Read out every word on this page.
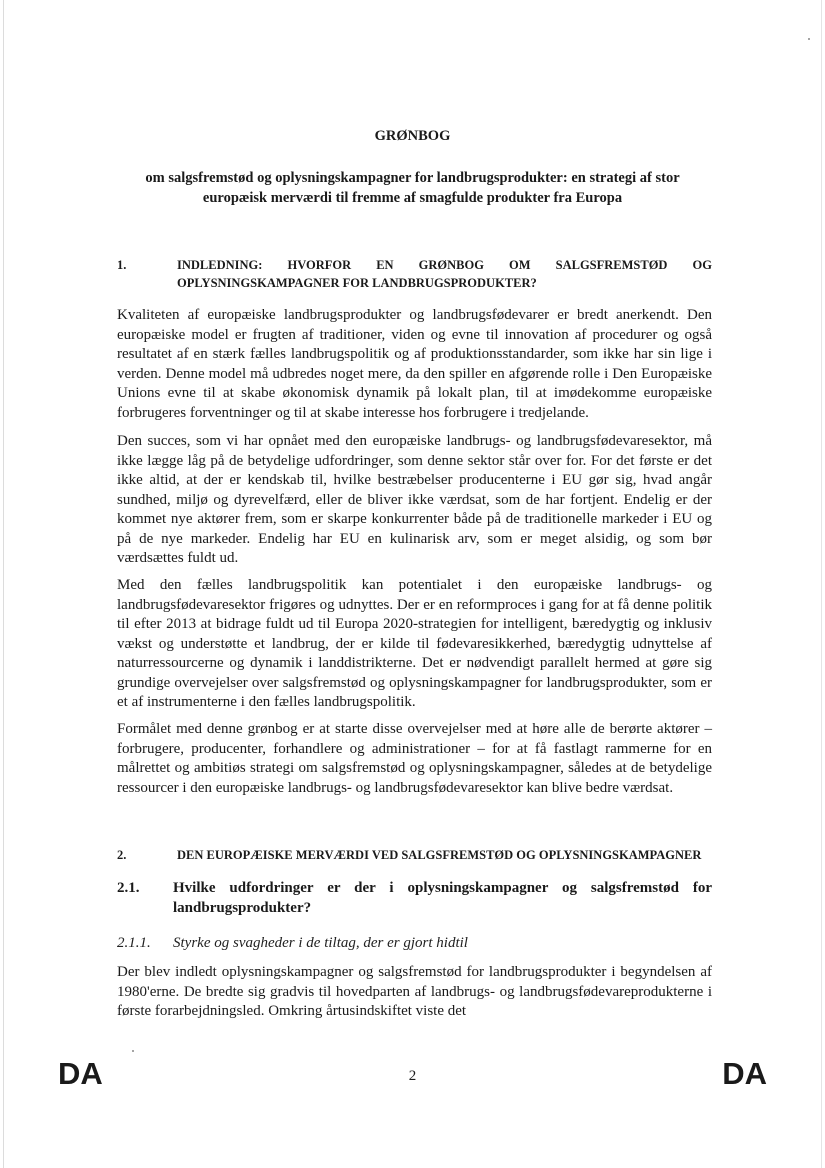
GRØNBOG
om salgsfremstød og oplysningskampagner for landbrugsprodukter: en strategi af stor europæisk merværdi til fremme af smagfulde produkter fra Europa
1.	INDLEDNING: HVORFOR EN GRØNBOG OM SALGSFREMSTØD OG OPLYSNINGSKAMPAGNER FOR LANDBRUGSPRODUKTER?
Kvaliteten af europæiske landbrugsprodukter og landbrugsfødevarer er bredt anerkendt. Den europæiske model er frugten af traditioner, viden og evne til innovation af procedurer og også resultatet af en stærk fælles landbrugspolitik og af produktionsstandarder, som ikke har sin lige i verden. Denne model må udbredes noget mere, da den spiller en afgørende rolle i Den Europæiske Unions evne til at skabe økonomisk dynamik på lokalt plan, til at imødekomme europæiske forbrugeres forventninger og til at skabe interesse hos forbrugere i tredjelande.
Den succes, som vi har opnået med den europæiske landbrugs- og landbrugsfødevaresektor, må ikke lægge låg på de betydelige udfordringer, som denne sektor står over for. For det første er det ikke altid, at der er kendskab til, hvilke bestræbelser producenterne i EU gør sig, hvad angår sundhed, miljø og dyrevelfærd, eller de bliver ikke værdsat, som de har fortjent. Endelig er der kommet nye aktører frem, som er skarpe konkurrenter både på de traditionelle markeder i EU og på de nye markeder. Endelig har EU en kulinarisk arv, som er meget alsidig, og som bør værdsættes fuldt ud.
Med den fælles landbrugspolitik kan potentialet i den europæiske landbrugs- og landbrugsfødevaresektor frigøres og udnyttes. Der er en reformproces i gang for at få denne politik til efter 2013 at bidrage fuldt ud til Europa 2020-strategien for intelligent, bæredygtig og inklusiv vækst og understøtte et landbrug, der er kilde til fødevaresikkerhed, bæredygtig udnyttelse af naturressourcerne og dynamik i landdistrikterne. Det er nødvendigt parallelt hermed at gøre sig grundige overvejelser over salgsfremstød og oplysningskampagner for landbrugsprodukter, som er et af instrumenterne i den fælles landbrugspolitik.
Formålet med denne grønbog er at starte disse overvejelser med at høre alle de berørte aktører – forbrugere, producenter, forhandlere og administrationer – for at få fastlagt rammerne for en målrettet og ambitiøs strategi om salgsfremstød og oplysningskampagner, således at de betydelige ressourcer i den europæiske landbrugs- og landbrugsfødevaresektor kan blive bedre værdsat.
2.	DEN EUROPÆISKE MERVÆRDI VED SALGSFREMSTØD OG OPLYSNINGSKAMPAGNER
2.1. Hvilke udfordringer er der i oplysningskampagner og salgsfremstød for landbrugsprodukter?
2.1.1. Styrke og svagheder i de tiltag, der er gjort hidtil
Der blev indledt oplysningskampagner og salgsfremstød for landbrugsprodukter i begyndelsen af 1980'erne. De bredte sig gradvis til hovedparten af landbrugs- og landbrugsfødevareprodukterne i første forarbejdningsled. Omkring årtusindskiftet viste det
DA	2	DA
